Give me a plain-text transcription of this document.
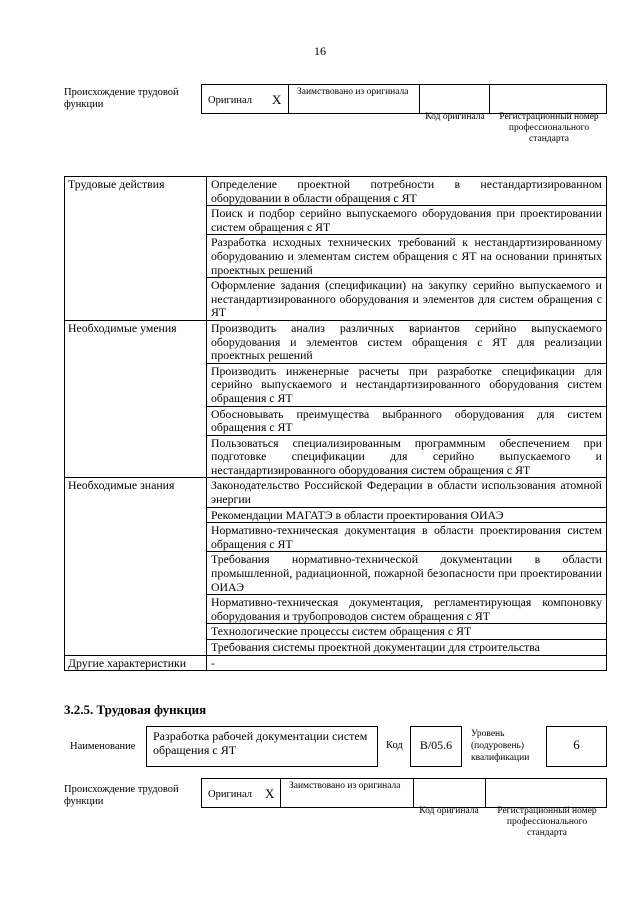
16
Происхождение трудовой функции	Оригинал X Заимствовано из оригинала
Код оригинала	Регистрационный номер профессионального стандарта
Трудовые действия	Определение проектной потребности в нестандартизированном оборудовании в области обращения с ЯТ
	Поиск и подбор серийно выпускаемого оборудования при проектировании систем обращения с ЯТ
	Разработка исходных технических требований к нестандартизированному оборудованию и элементам систем обращения с ЯТ на основании принятых проектных решений
	Оформление задания (спецификации) на закупку серийно выпускаемого и нестандартизированного оборудования и элементов для систем обращения с ЯТ
Необходимые умения	Производить анализ различных вариантов серийно выпускаемого оборудования и элементов систем обращения с ЯТ для реализации проектных решений
	Производить инженерные расчеты при разработке спецификации для серийно выпускаемого и нестандартизированного оборудования систем обращения с ЯТ
	Обосновывать преимущества выбранного оборудования для систем обращения с ЯТ
	Пользоваться специализированным программным обеспечением при подготовке спецификации для серийно выпускаемого и нестандартизированного оборудования систем обращения с ЯТ
Необходимые знания	Законодательство Российской Федерации в области использования атомной энергии
	Рекомендации МАГАТЭ в области проектирования ОИАЭ
	Нормативно-техническая документация в области проектирования систем обращения с ЯТ
	Требования нормативно-технической документации в области промышленной, радиационной, пожарной безопасности при проектировании ОИАЭ
	Нормативно-техническая документация, регламентирующая компоновку оборудования и трубопроводов систем обращения с ЯТ
	Технологические процессы систем обращения с ЯТ
	Требования системы проектной документации для строительства
Другие характеристики	-
3.2.5. Трудовая функция
Наименование
Разработка рабочей документации систем обращения с ЯТ	Код	B/05.6
Уровень (подуровень) квалификации
6
Происхождение трудовой функции
Оригинал X Заимствовано из оригинала
Код оригинала	Регистрационный номер профессионального стандарта
